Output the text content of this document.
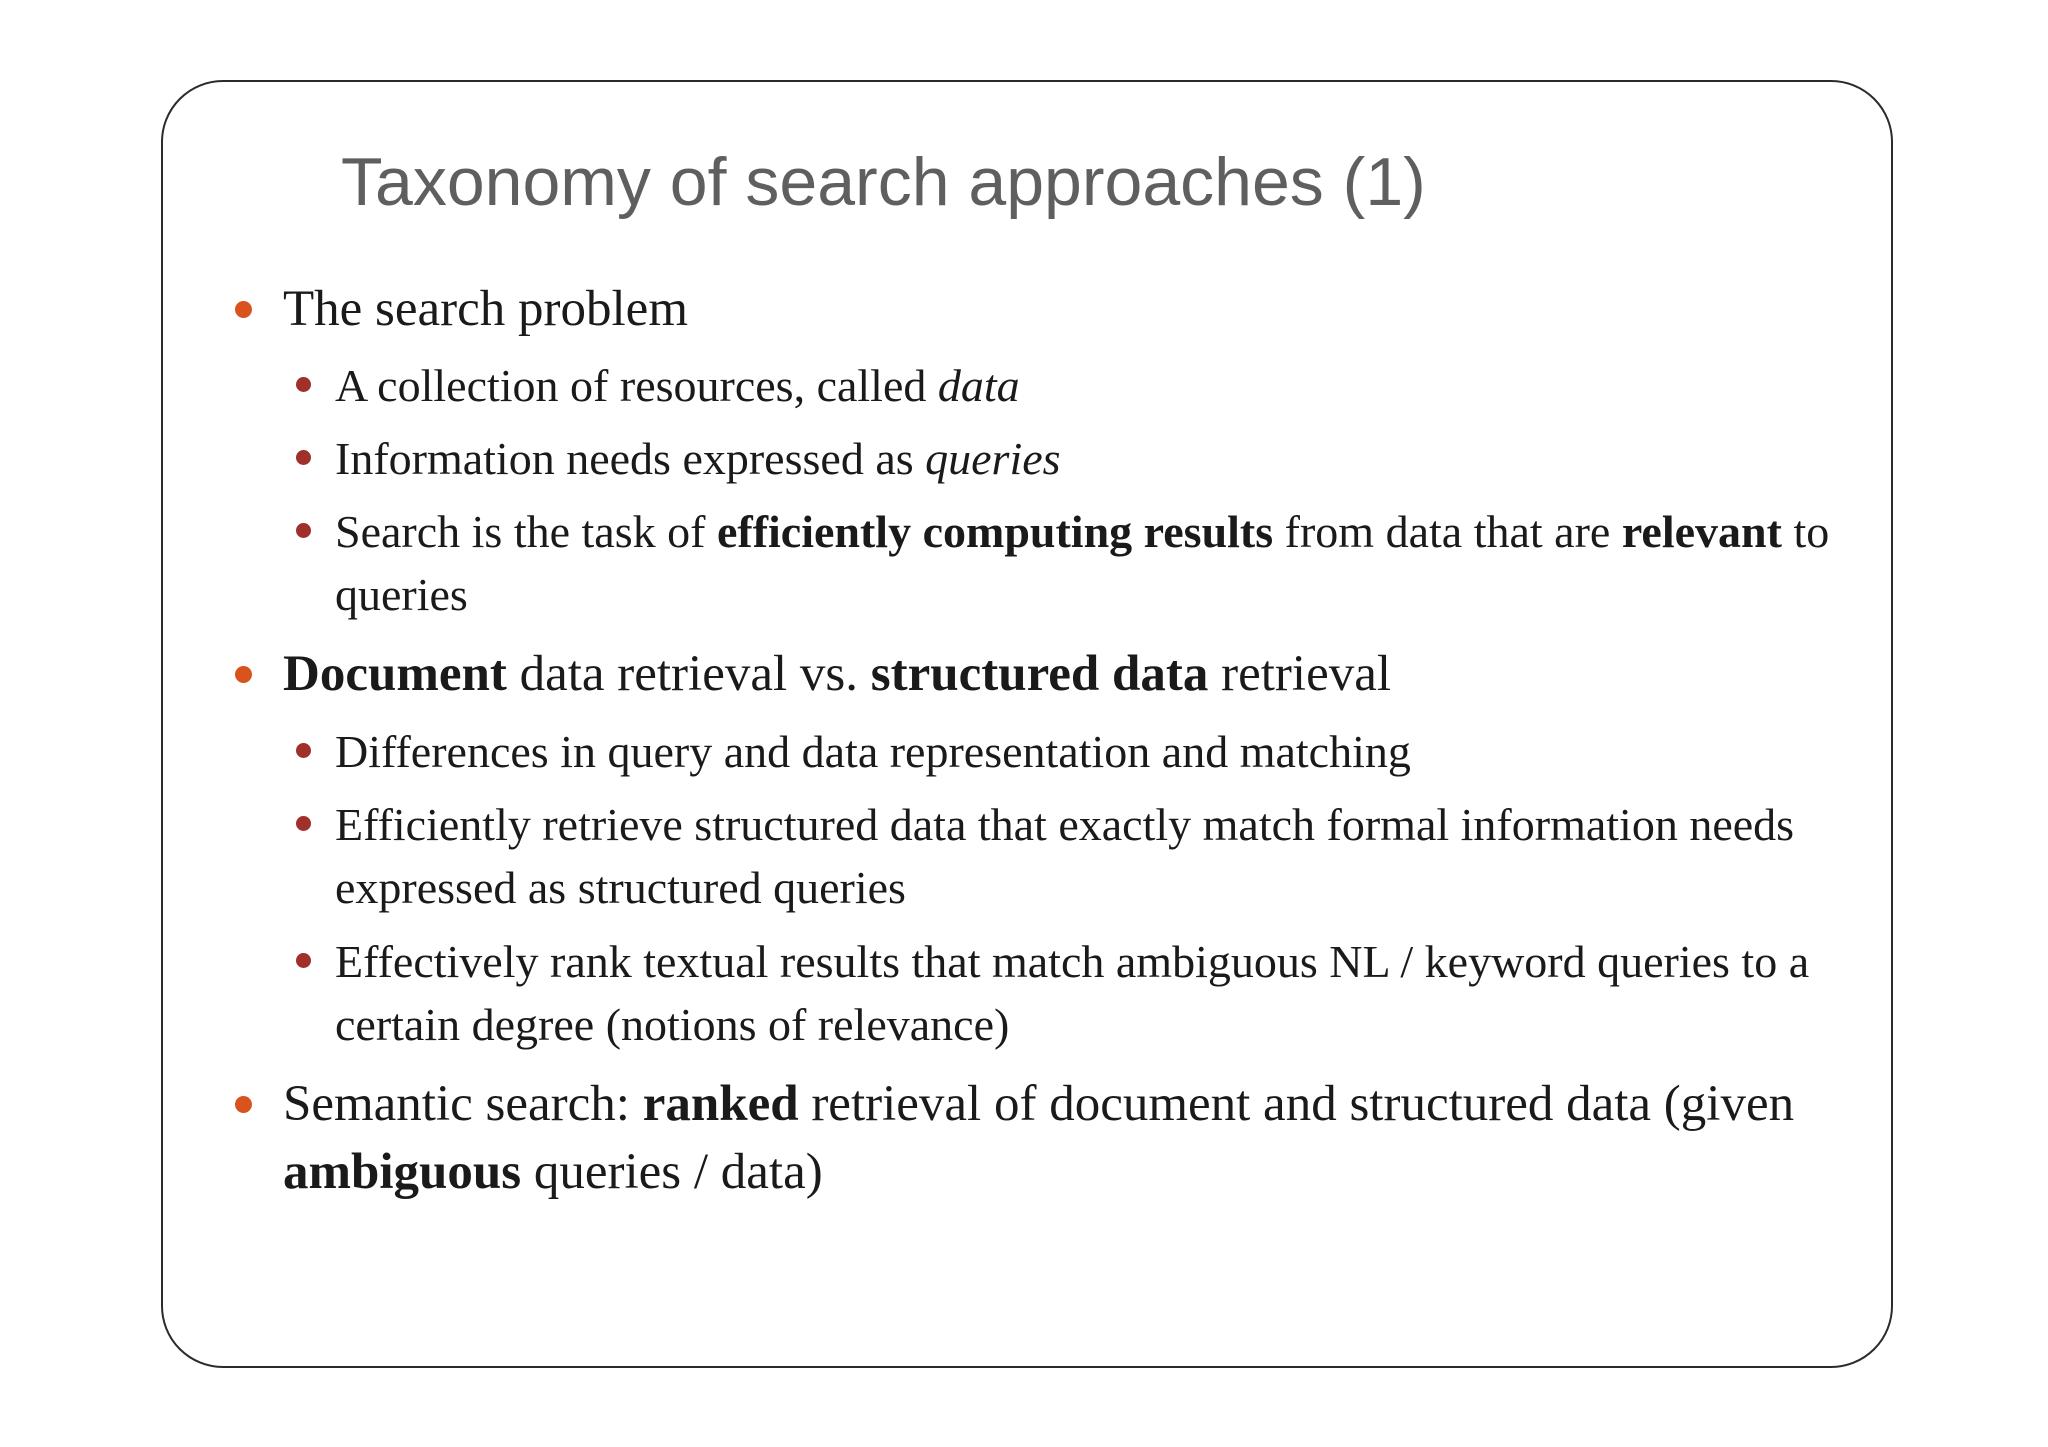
Taxonomy of search approaches (1)
The search problem
A collection of resources, called data
Information needs expressed as queries
Search is the task of efficiently computing results from data that are relevant to queries
Document data retrieval vs. structured data retrieval
Differences in query and data representation and matching
Efficiently retrieve structured data that exactly match formal information needs expressed as structured queries
Effectively rank textual results that match ambiguous NL / keyword queries to a certain degree (notions of relevance)
Semantic search: ranked retrieval of document and structured data (given ambiguous queries / data)
